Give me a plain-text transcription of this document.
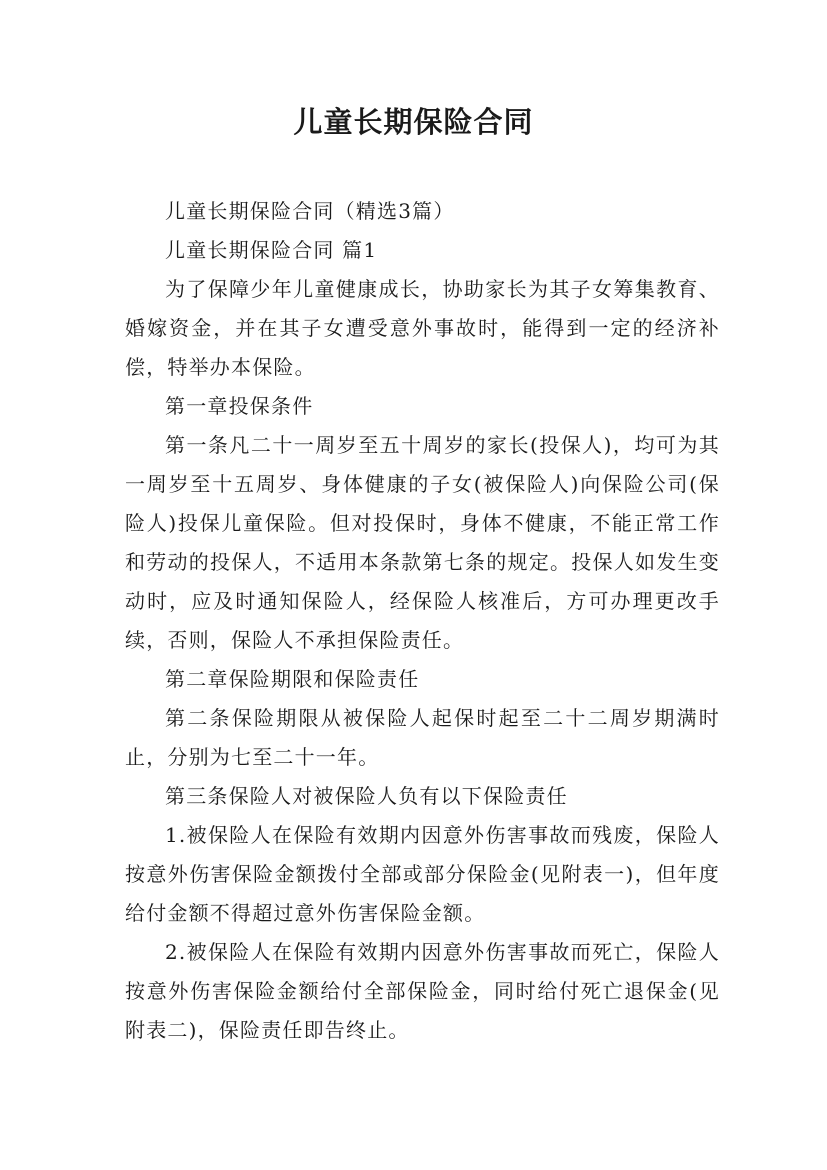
儿童长期保险合同

儿童长期保险合同（精选3篇）

儿童长期保险合同 篇1

为了保障少年儿童健康成长，协助家长为其子女筹集教育、婚嫁资金，并在其子女遭受意外事故时，能得到一定的经济补偿，特举办本保险。

第一章投保条件

第一条凡二十一周岁至五十周岁的家长(投保人)，均可为其一周岁至十五周岁、身体健康的子女(被保险人)向保险公司(保险人)投保儿童保险。但对投保时，身体不健康，不能正常工作和劳动的投保人，不适用本条款第七条的规定。投保人如发生变动时，应及时通知保险人，经保险人核准后，方可办理更改手续，否则，保险人不承担保险责任。

第二章保险期限和保险责任

第二条保险期限从被保险人起保时起至二十二周岁期满时止，分别为七至二十一年。

第三条保险人对被保险人负有以下保险责任

1.被保险人在保险有效期内因意外伤害事故而残废，保险人按意外伤害保险金额拨付全部或部分保险金(见附表一)，但年度给付金额不得超过意外伤害保险金额。

2.被保险人在保险有效期内因意外伤害事故而死亡，保险人按意外伤害保险金额给付全部保险金，同时给付死亡退保金(见附表二)，保险责任即告终止。
